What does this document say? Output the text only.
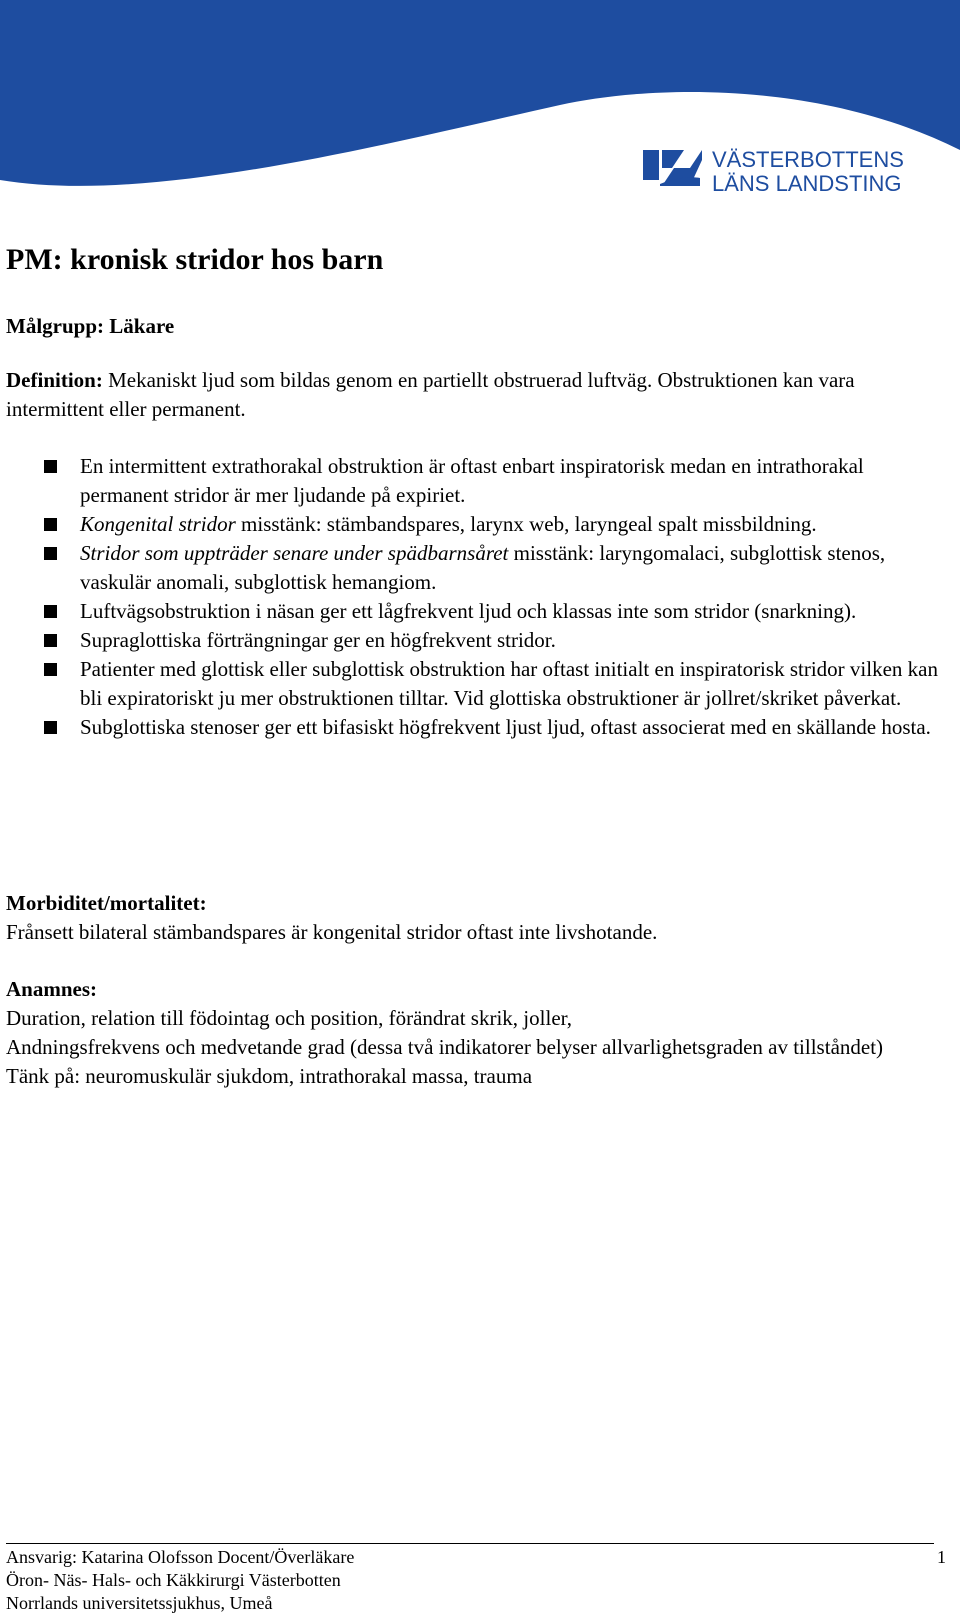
VÄSTERBOTTENS
LÄNS LANDSTING
PM: kronisk stridor hos barn
Målgrupp: Läkare
Definition: Mekaniskt ljud som bildas genom en partiellt obstruerad luftväg. Obstruktionen kan vara intermittent eller permanent.
En intermittent extrathorakal obstruktion är oftast enbart inspiratorisk medan en intrathorakal permanent stridor är mer ljudande på expiriet.
Kongenital stridor misstänk: stämbandspares, larynx web, laryngeal spalt missbildning.
Stridor som uppträder senare under spädbarnsåret misstänk: laryngomalaci, subglottisk stenos, vaskulär anomali, subglottisk hemangiom.
Luftvägsobstruktion i näsan ger ett lågfrekvent ljud och klassas inte som stridor (snarkning).
Supraglottiska förträngningar ger en högfrekvent stridor.
Patienter med glottisk eller subglottisk obstruktion har oftast initialt en inspiratorisk stridor vilken kan bli expiratoriskt ju mer obstruktionen tilltar. Vid glottiska obstruktioner är jollret/skriket påverkat.
Subglottiska stenoser ger ett bifasiskt högfrekvent ljust ljud, oftast associerat med en skällande hosta.
Morbiditet/mortalitet:
Frånsett bilateral stämbandspares är kongenital stridor oftast inte livshotande.
Anamnes:
Duration, relation till födointag och position, förändrat skrik, joller,
Andningsfrekvens och medvetande grad (dessa två indikatorer belyser allvarlighetsgraden av tillståndet)
Tänk på: neuromuskulär sjukdom, intrathorakal massa, trauma
Ansvarig: Katarina Olofsson Docent/Överläkare
Öron- Näs- Hals- och Käkkirurgi Västerbotten
Norrlands universitetssjukhus, Umeå
1
